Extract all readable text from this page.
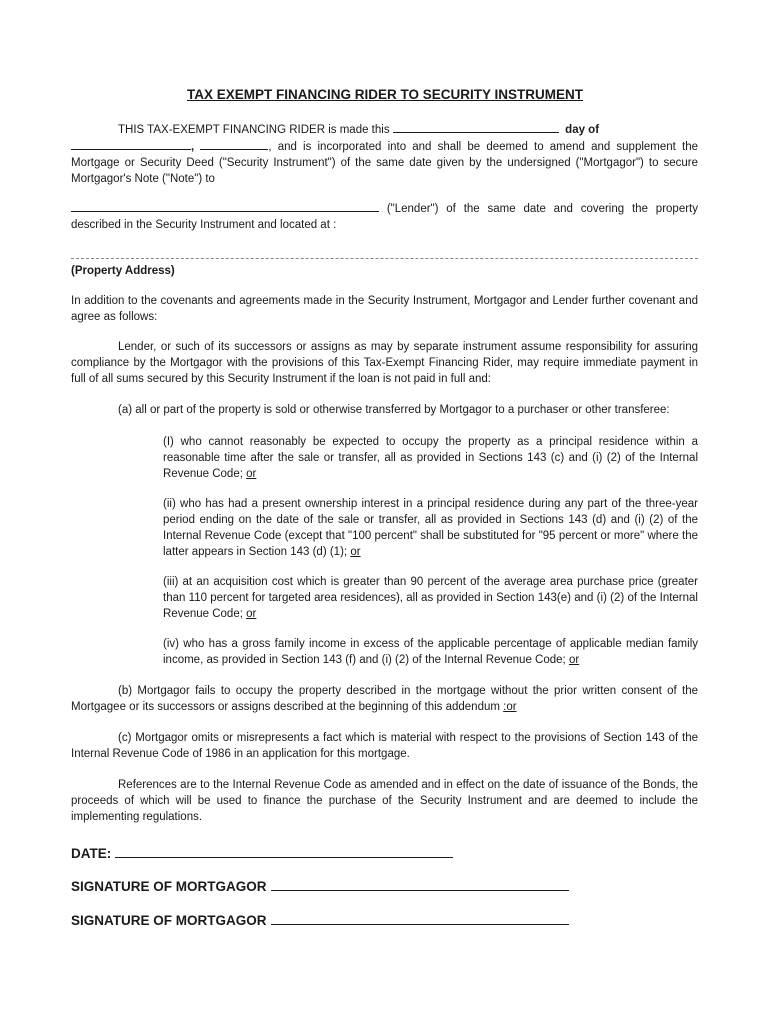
TAX EXEMPT FINANCING RIDER TO SECURITY INSTRUMENT

THIS TAX-EXEMPT FINANCING RIDER is made this	day of
,	, and is incorporated into and shall be deemed to amend and supplement the Mortgage or Security Deed ("Security Instrument") of the same date given by the undersigned ("Mortgagor") to secure Mortgagor's Note ("Note") to

("Lender") of the same date and covering the property described in the Security Instrument and located at :

(Property Address)

In addition to the covenants and agreements made in the Security Instrument, Mortgagor and Lender further covenant and agree as follows:

Lender, or such of its successors or assigns as may by separate instrument assume responsibility for assuring compliance by the Mortgagor with the provisions of this Tax-Exempt Financing Rider, may require immediate payment in full of all sums secured by this Security Instrument if the loan is not paid in full and:

(a) all or part of the property is sold or otherwise transferred by Mortgagor to a purchaser or other transferee:

(I) who cannot reasonably be expected to occupy the property as a principal residence within a reasonable time after the sale or transfer, all as provided in Sections 143 (c) and (i) (2) of the Internal Revenue Code; or

(ii) who has had a present ownership interest in a principal residence during any part of the three-year period ending on the date of the sale or transfer, all as provided in Sections 143 (d) and (i) (2) of the Internal Revenue Code (except that "100 percent" shall be substituted for "95 percent or more" where the latter appears in Section 143 (d) (1); or

(iii) at an acquisition cost which is greater than 90 percent of the average area purchase price (greater than 110 percent for targeted area residences), all as provided in Section 143(e) and (i) (2) of the Internal Revenue Code; or

(iv) who has a gross family income in excess of the applicable percentage of applicable median family income, as provided in Section 143 (f) and (i) (2) of the Internal Revenue Code; or

(b) Mortgagor fails to occupy the property described in the mortgage without the prior written consent of the Mortgagee or its successors or assigns described at the beginning of this addendum :or

(c) Mortgagor omits or misrepresents a fact which is material with respect to the provisions of Section 143 of the Internal Revenue Code of 1986 in an application for this mortgage.

References are to the Internal Revenue Code as amended and in effect on the date of issuance of the Bonds, the proceeds of which will be used to finance the purchase of the Security Instrument and are deemed to include the implementing regulations.

DATE:
SIGNATURE OF MORTGAGOR
SIGNATURE OF MORTGAGOR
